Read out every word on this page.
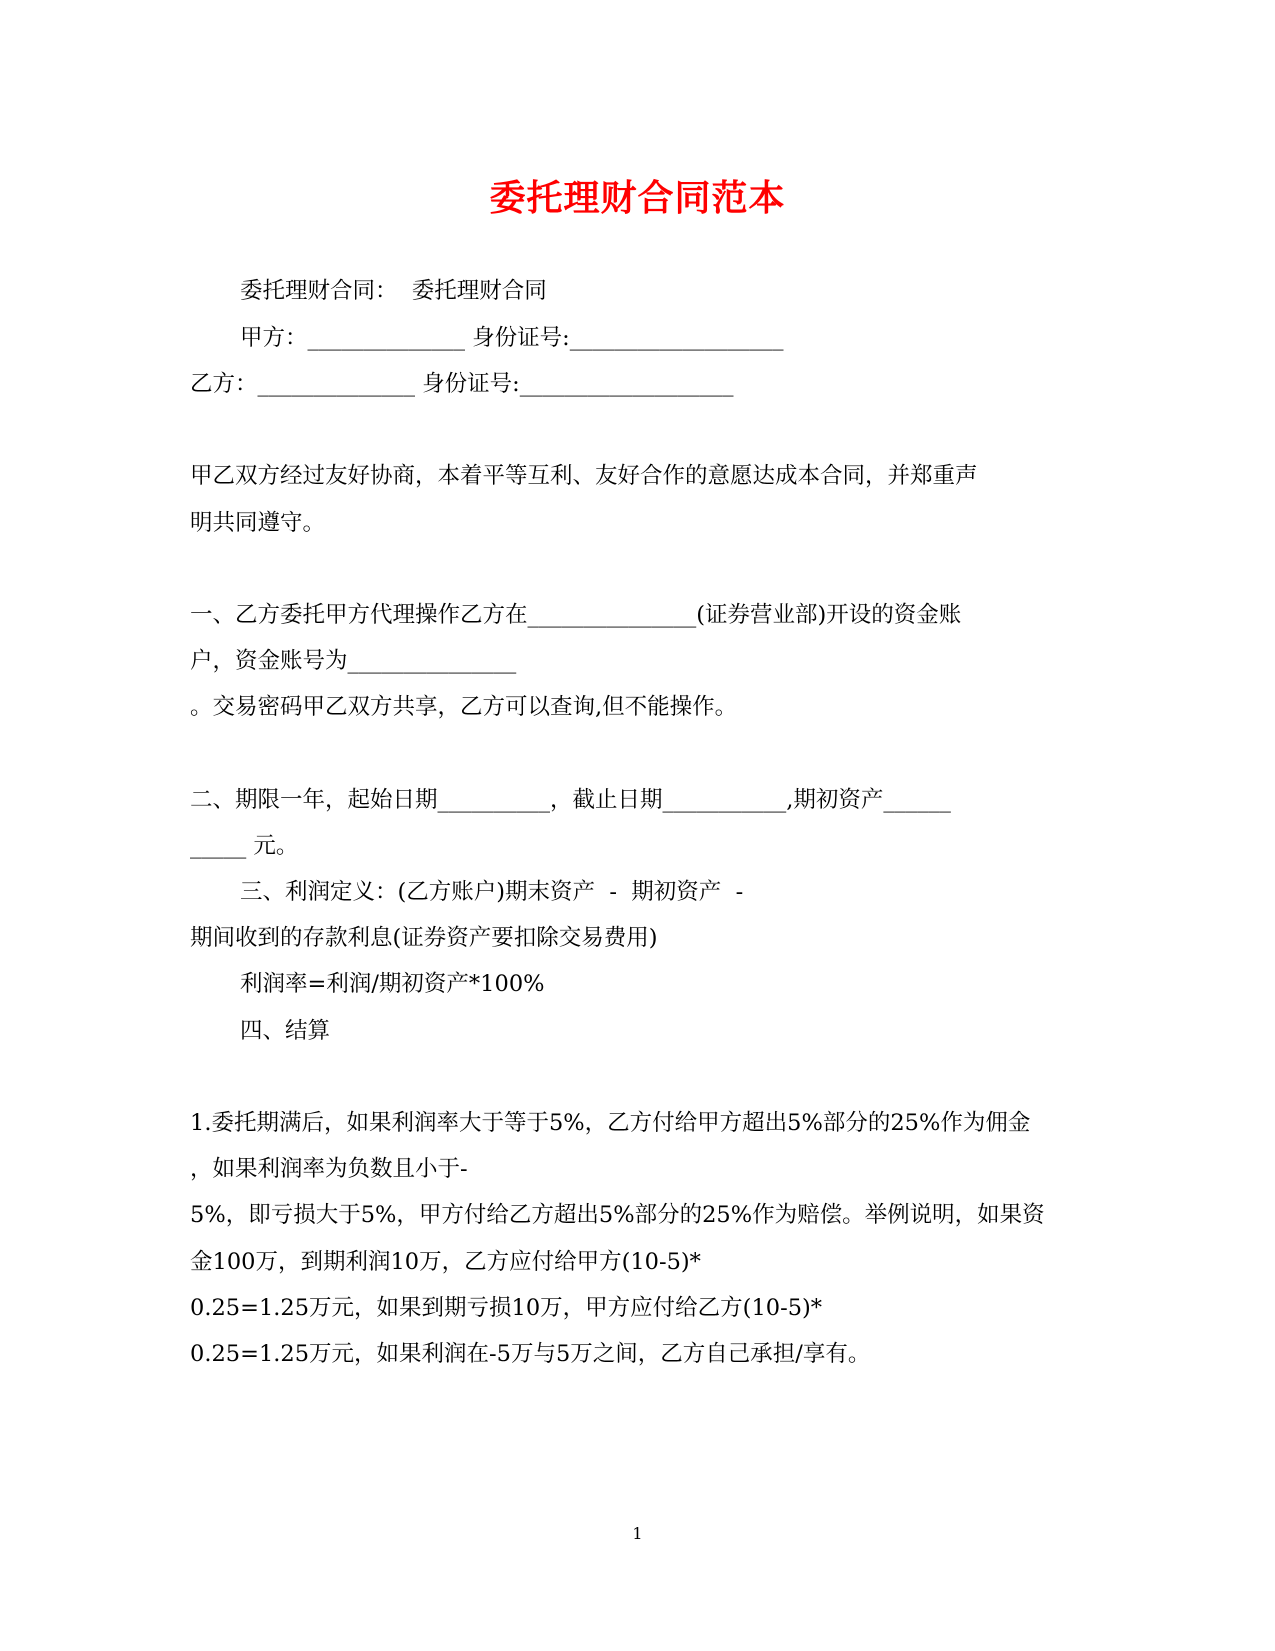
委托理财合同范本
委托理财合同：  委托理财合同
甲方：______________ 身份证号:___________________
乙方：______________ 身份证号:___________________
甲乙双方经过友好协商，本着平等互利、友好合作的意愿达成本合同，并郑重声
明共同遵守。
一、乙方委托甲方代理操作乙方在_______________(证券营业部)开设的资金账
户，资金账号为_______________
。交易密码甲乙双方共享，乙方可以查询,但不能操作。
二、期限一年，起始日期__________，截止日期___________,期初资产______
_____ 元。
三、利润定义：(乙方账户)期末资产  -  期初资产  -
期间收到的存款利息(证券资产要扣除交易费用)
利润率=利润/期初资产*100%
四、结算
1.委托期满后，如果利润率大于等于5%，乙方付给甲方超出5%部分的25%作为佣金
，如果利润率为负数且小于-
5%，即亏损大于5%，甲方付给乙方超出5%部分的25%作为赔偿。举例说明，如果资
金100万，到期利润10万，乙方应付给甲方(10-5)*
0.25=1.25万元，如果到期亏损10万，甲方应付给乙方(10-5)*
0.25=1.25万元，如果利润在-5万与5万之间，乙方自己承担/享有。
1
